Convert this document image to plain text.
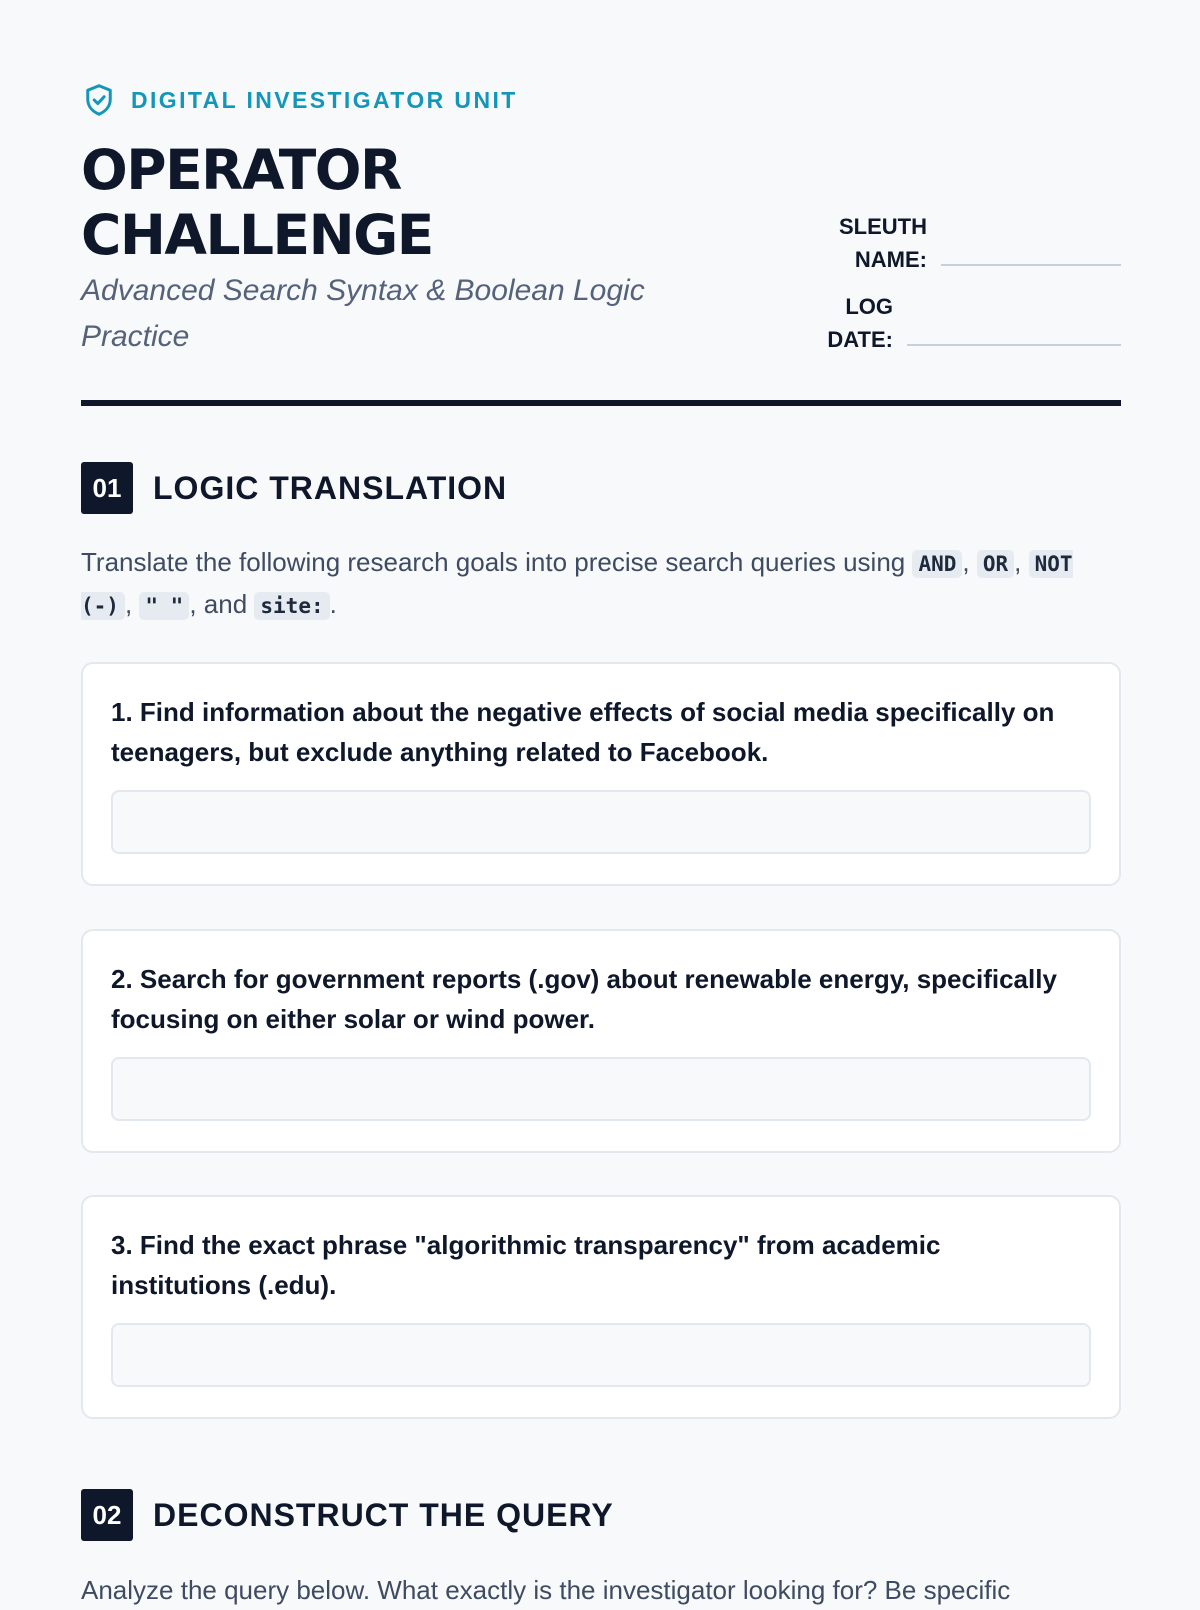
DIGITAL INVESTIGATOR UNIT
OPERATOR
CHALLENGE
Advanced Search Syntax & Boolean Logic Practice
SLEUTH
NAME:
LOG
DATE:
01 LOGIC TRANSLATION
Translate the following research goals into precise search queries using AND , OR , NOT (-) , " " , and site: .
1. Find information about the negative effects of social media specifically on teenagers, but exclude anything related to Facebook.
2. Search for government reports (.gov) about renewable energy, specifically focusing on either solar or wind power.
3. Find the exact phrase "algorithmic transparency" from academic institutions (.edu).
02 DECONSTRUCT THE QUERY
Analyze the query below. What exactly is the investigator looking for? Be specific
